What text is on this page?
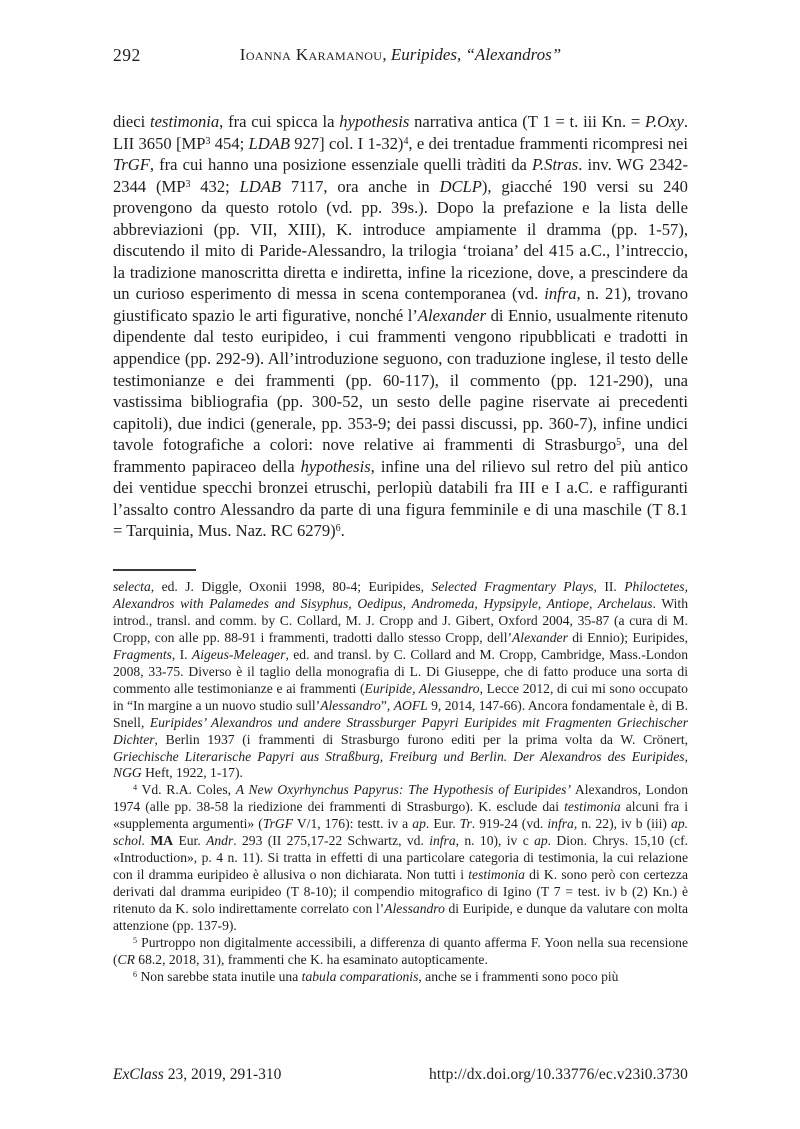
292	Ioanna Karamanou, Euripides, “Alexandros”
dieci testimonia, fra cui spicca la hypothesis narrativa antica (T 1 = t. iii Kn. = P.Oxy. LII 3650 [$MP^3$ 454; LDAB 927] col. I 1-32)$^4$, e dei trentadue frammenti ricompresi nei TrGF, fra cui hanno una posizione essenziale quelli tràditi da P.Stras. inv. WG 2342-2344 ($MP^3$ 432; LDAB 7117, ora anche in DCLP), giacché 190 versi su 240 provengono da questo rotolo (vd. pp. 39s.). Dopo la prefazione e la lista delle abbreviazioni (pp. VII, XIII), K. introduce ampiamente il dramma (pp. 1-57), discutendo il mito di Paride-Alessandro, la trilogia ‘troiana’ del 415 a.C., l’intreccio, la tradizione manoscritta diretta e indiretta, infine la ricezione, dove, a prescindere da un curioso esperimento di messa in scena contemporanea (vd. infra, n. 21), trovano giustificato spazio le arti figurative, nonché l’Alexander di Ennio, usualmente ritenuto dipendente dal testo euripideo, i cui frammenti vengono ripubblicati e tradotti in appendice (pp. 292-9). All’introduzione seguono, con traduzione inglese, il testo delle testimonianze e dei frammenti (pp. 60-117), il commento (pp. 121-290), una vastissima bibliografia (pp. 300-52, un sesto delle pagine riservate ai precedenti capitoli), due indici (generale, pp. 353-9; dei passi discussi, pp. 360-7), infine undici tavole fotografiche a colori: nove relative ai frammenti di Strasburgo$^5$, una del frammento papiraceo della hypothesis, infine una del rilievo sul retro del più antico dei ventidue specchi bronzei etruschi, perlopiù databili fra III e I a.C. e raffiguranti l’assalto contro Alessandro da parte di una figura femminile e di una maschile (T 8.1 = Tarquinia, Mus. Naz. RC 6279)$^6$.
selecta, ed. J. Diggle, Oxonii 1998, 80-4; Euripides, Selected Fragmentary Plays, II. Philoctetes, Alexandros with Palamedes and Sisyphus, Oedipus, Andromeda, Hypsipyle, Antiope, Archelaus. With introd., transl. and comm. by C. Collard, M. J. Cropp and J. Gibert, Oxford 2004, 35-87 (a cura di M. Cropp, con alle pp. 88-91 i frammenti, tradotti dallo stesso Cropp, dell’Alexander di Ennio); Euripides, Fragments, I. Aigeus-Meleager, ed. and transl. by C. Collard and M. Cropp, Cambridge, Mass.-London 2008, 33-75. Diverso è il taglio della monografia di L. Di Giuseppe, che di fatto produce una sorta di commento alle testimonianze e ai frammenti (Euripide, Alessandro, Lecce 2012, di cui mi sono occupato in “In margine a un nuovo studio sull’Alessandro”, AOFL 9, 2014, 147-66). Ancora fondamentale è, di B. Snell, Euripides’ Alexandros und andere Strassburger Papyri Euripides mit Fragmenten Griechischer Dichter, Berlin 1937 (i frammenti di Strasburgo furono editi per la prima volta da W. Crönert, Griechische Literarische Papyri aus Straßburg, Freiburg und Berlin. Der Alexandros des Euripides, NGG Heft, 1922, 1-17).
$^4$ Vd. R.A. Coles, A New Oxyrhynchus Papyrus: The Hypothesis of Euripides’ Alexandros, London 1974 (alle pp. 38-58 la riedizione dei frammenti di Strasburgo). K. esclude dai testimonia alcuni fra i «supplementa argumenti» (TrGF V/1, 176): testt. iv a ap. Eur. Tr. 919-24 (vd. infra, n. 22), iv b (iii) ap. schol. MA Eur. Andr. 293 (II 275,17-22 Schwartz, vd. infra, n. 10), iv c ap. Dion. Chrys. 15,10 (cf. «Introduction», p. 4 n. 11). Si tratta in effetti di una particolare categoria di testimonia, la cui relazione con il dramma euripideo è allusiva o non dichiarata. Non tutti i testimonia di K. sono però con certezza derivati dal dramma euripideo (T 8-10); il compendio mitografico di Igino (T 7 = test. iv b (2) Kn.) è ritenuto da K. solo indirettamente correlato con l’Alessandro di Euripide, e dunque da valutare con molta attenzione (pp. 137-9).
$^5$ Purtroppo non digitalmente accessibili, a differenza di quanto afferma F. Yoon nella sua recensione (CR 68.2, 2018, 31), frammenti che K. ha esaminato autopticamente.
$^6$ Non sarebbe stata inutile una tabula comparationis, anche se i frammenti sono poco più
ExClass 23, 2019, 291-310	http://dx.doi.org/10.33776/ec.v23i0.3730
